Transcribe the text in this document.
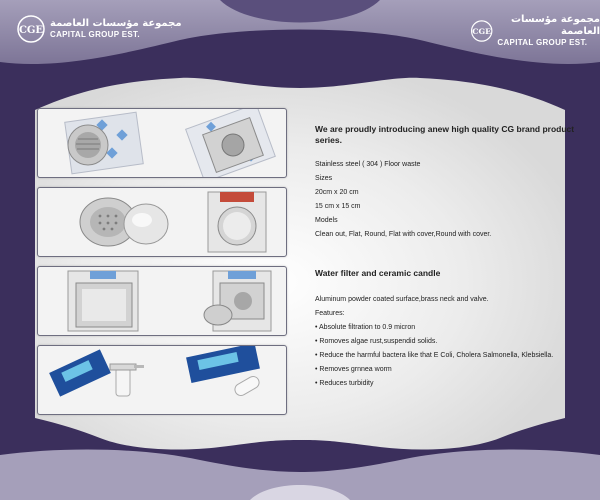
CGE
مجموعة مؤسسات العاصمة
CAPITAL GROUP EST.	CGE
مجموعة مؤسسات العاصمة
CAPITAL GROUP EST.
We are proudly introducing anew high quality CG brand product series.

Stainless steel ( 304 ) Floor waste

Sizes

20cm x 20 cm

15 cm x 15 cm

Models

Clean out, Flat, Round, Flat with cover,Round with cover.

Water filter and ceramic candle

Aluminum powder coated surface,brass neck and valve.

Features:

• Absolute filtration to 0.9 micron

• Romoves algae rust,suspendid solids.

• Reduce the harmful bactera like that E Coli, Cholera Salmonella, Klebsiella.

• Removes grnnea worm

• Reduces turbidity
